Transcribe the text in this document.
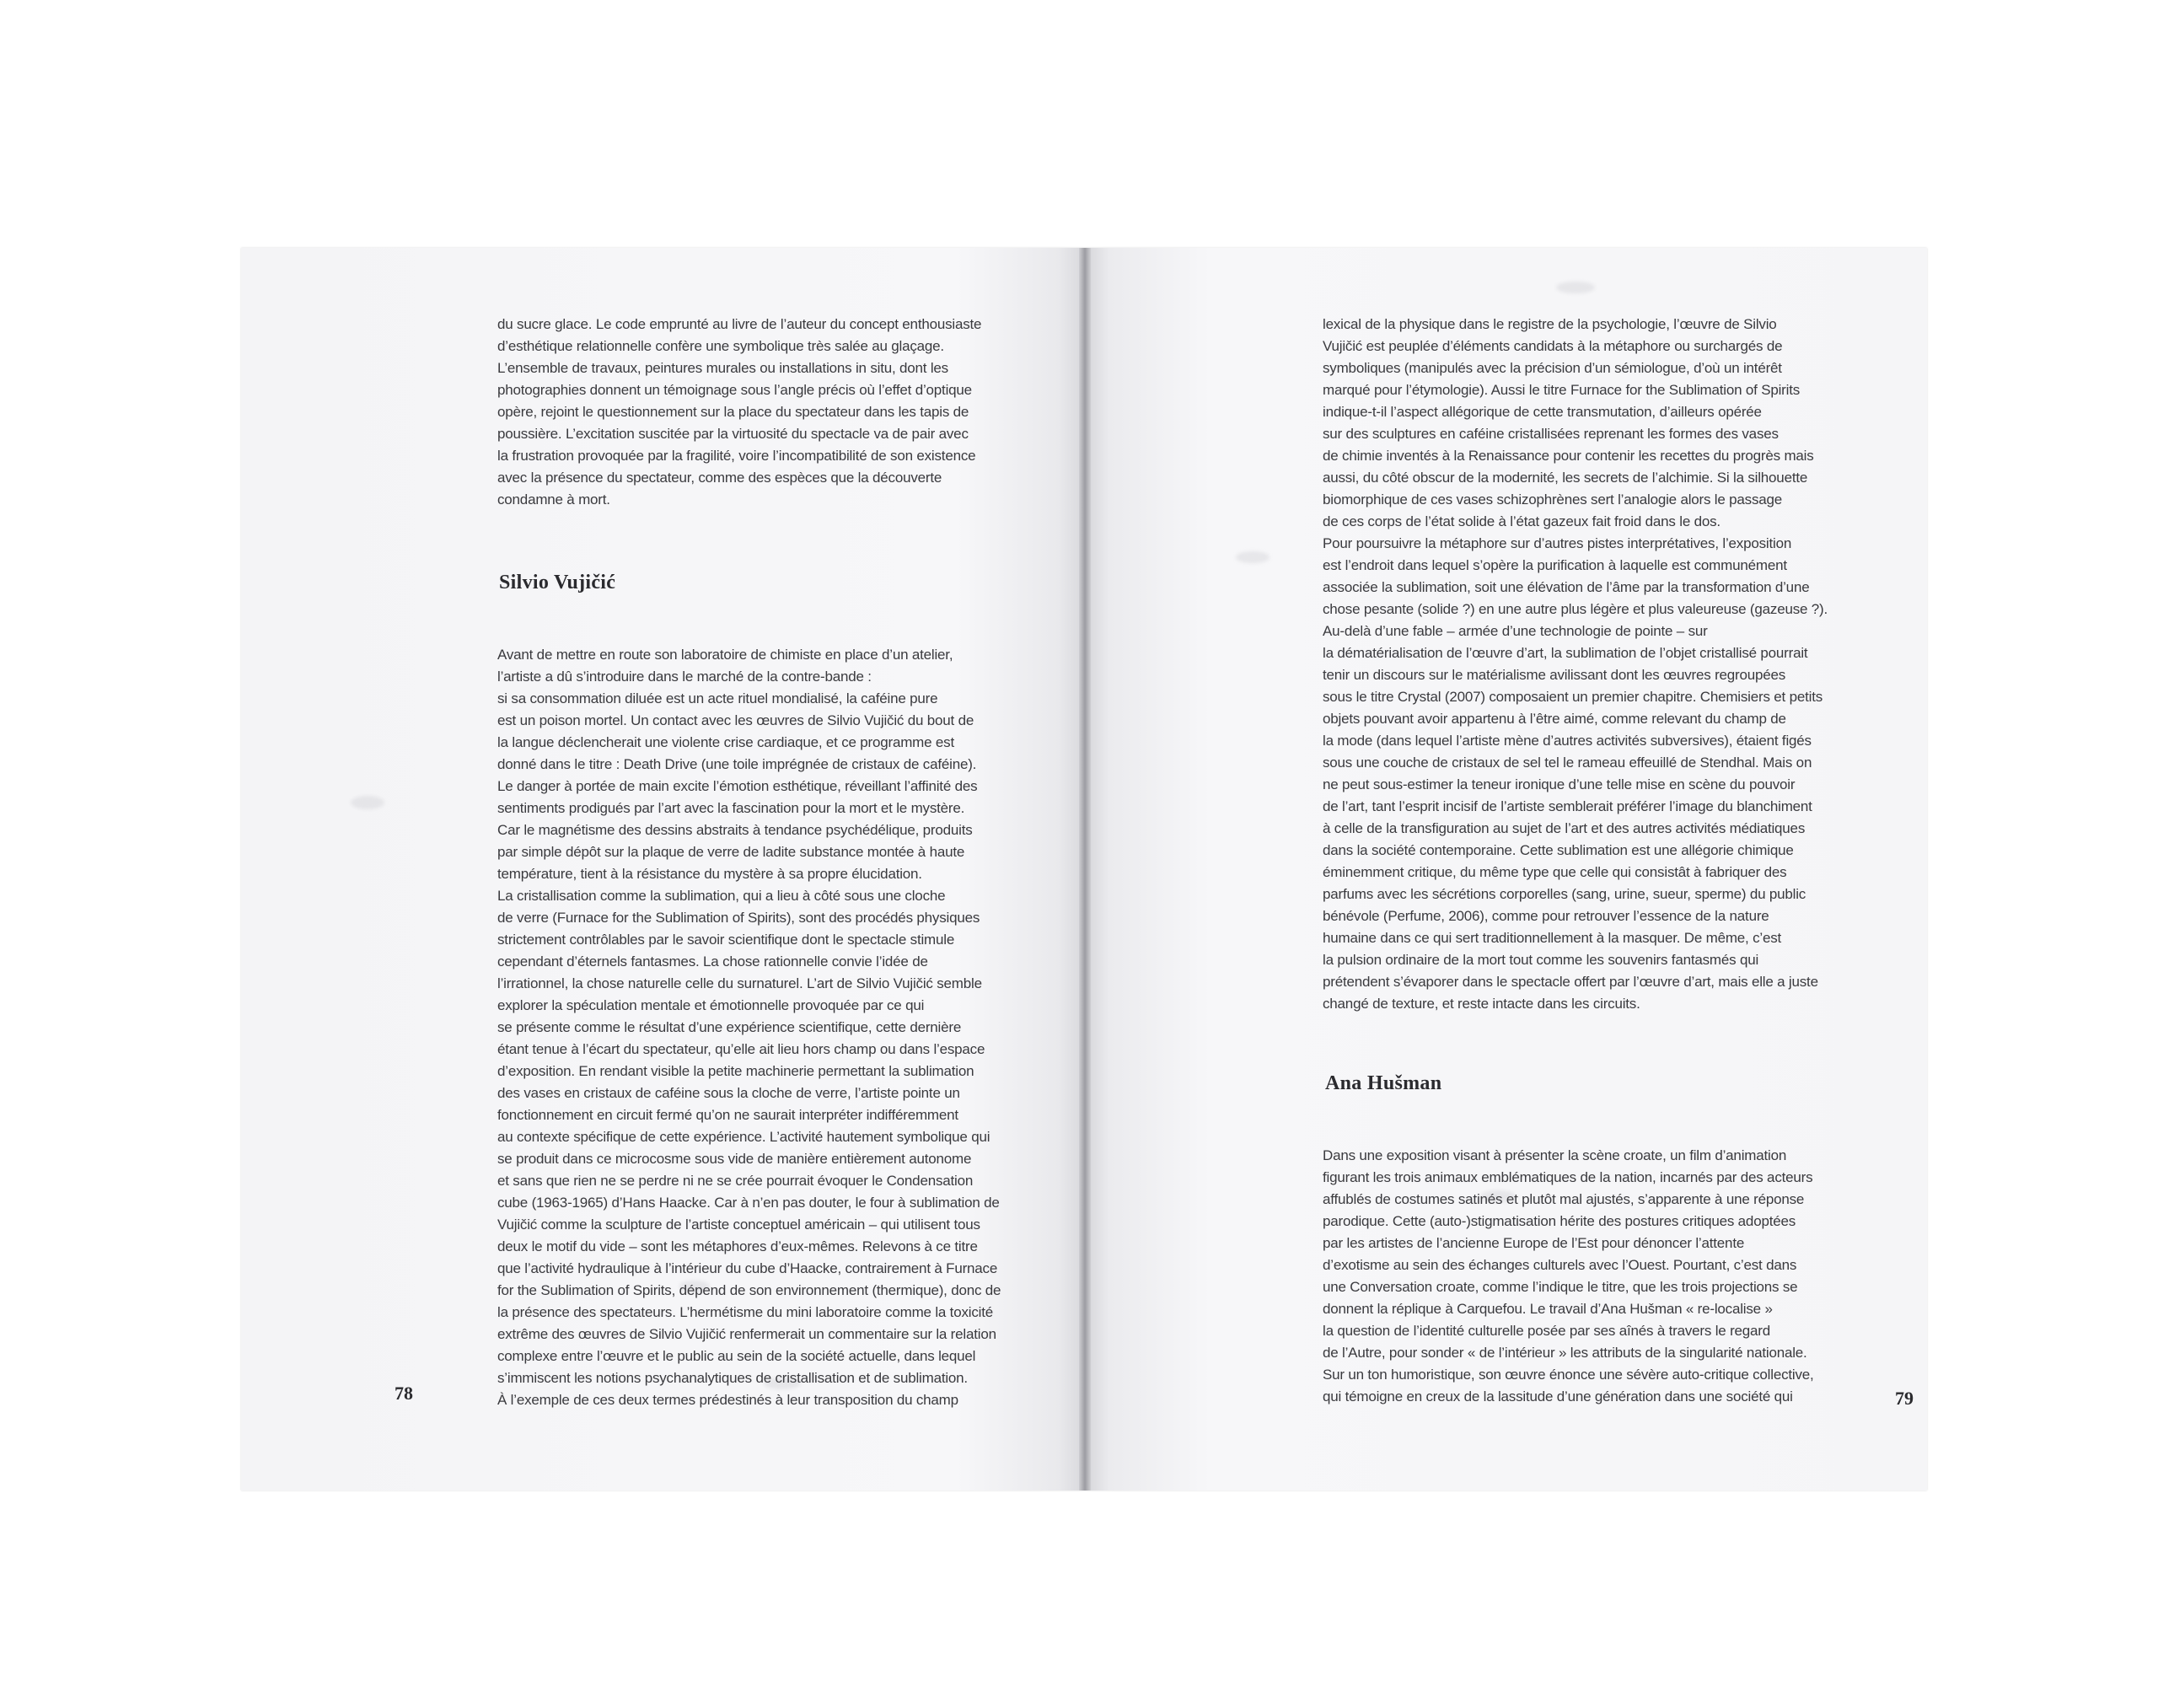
du sucre glace. Le code emprunté au livre de l’auteur du concept enthousiaste

d’esthétique relationnelle confère une symbolique très salée au glaçage.

L’ensemble de travaux, peintures murales ou installations in situ, dont les

photographies donnent un témoignage sous l’angle précis où l’effet d’optique

opère, rejoint le questionnement sur la place du spectateur dans les tapis de

poussière. L’excitation suscitée par la virtuosité du spectacle va de pair avec

la frustration provoquée par la fragilité, voire l’incompatibilité de son existence

avec la présence du spectateur, comme des espèces que la découverte

condamne à mort.

Silvio Vujičić

Avant de mettre en route son laboratoire de chimiste en place d’un atelier,

l’artiste a dû s’introduire dans le marché de la contre-bande :

si sa consommation diluée est un acte rituel mondialisé, la caféine pure

est un poison mortel. Un contact avec les œuvres de Silvio Vujičić du bout de

la langue déclencherait une violente crise cardiaque, et ce programme est

donné dans le titre : Death Drive (une toile imprégnée de cristaux de caféine).

Le danger à portée de main excite l’émotion esthétique, réveillant l’affinité des

sentiments prodigués par l’art avec la fascination pour la mort et le mystère.

Car le magnétisme des dessins abstraits à tendance psychédélique, produits

par simple dépôt sur la plaque de verre de ladite substance montée à haute

température, tient à la résistance du mystère à sa propre élucidation.

La cristallisation comme la sublimation, qui a lieu à côté sous une cloche

de verre (Furnace for the Sublimation of Spirits), sont des procédés physiques

strictement contrôlables par le savoir scientifique dont le spectacle stimule

cependant d’éternels fantasmes. La chose rationnelle convie l’idée de

l’irrationnel, la chose naturelle celle du surnaturel. L’art de Silvio Vujičić semble

explorer la spéculation mentale et émotionnelle provoquée par ce qui

se présente comme le résultat d’une expérience scientifique, cette dernière

étant tenue à l’écart du spectateur, qu’elle ait lieu hors champ ou dans l’espace

d’exposition. En rendant visible la petite machinerie permettant la sublimation

des vases en cristaux de caféine sous la cloche de verre, l’artiste pointe un

fonctionnement en circuit fermé qu’on ne saurait interpréter indifféremment

au contexte spécifique de cette expérience. L’activité hautement symbolique qui

se produit dans ce microcosme sous vide de manière entièrement autonome

et sans que rien ne se perdre ni ne se crée pourrait évoquer le Condensation

cube (1963-1965) d’Hans Haacke. Car à n’en pas douter, le four à sublimation de

Vujičić comme la sculpture de l’artiste conceptuel américain – qui utilisent tous

deux le motif du vide – sont les métaphores d’eux-mêmes. Relevons à ce titre

que l’activité hydraulique à l’intérieur du cube d’Haacke, contrairement à Furnace

for the Sublimation of Spirits, dépend de son environnement (thermique), donc de

la présence des spectateurs. L’hermétisme du mini laboratoire comme la toxicité

extrême des œuvres de Silvio Vujičić renfermerait un commentaire sur la relation

complexe entre l’œuvre et le public au sein de la société actuelle, dans lequel

s’immiscent les notions psychanalytiques de cristallisation et de sublimation.

À l’exemple de ces deux termes prédestinés à leur transposition du champ

78

lexical de la physique dans le registre de la psychologie, l’œuvre de Silvio

Vujičić est peuplée d’éléments candidats à la métaphore ou surchargés de

symboliques (manipulés avec la précision d’un sémiologue, d’où un intérêt

marqué pour l’étymologie). Aussi le titre Furnace for the Sublimation of Spirits

indique-t-il l’aspect allégorique de cette transmutation, d’ailleurs opérée

sur des sculptures en caféine cristallisées reprenant les formes des vases

de chimie inventés à la Renaissance pour contenir les recettes du progrès mais

aussi, du côté obscur de la modernité, les secrets de l’alchimie. Si la silhouette

biomorphique de ces vases schizophrènes sert l’analogie alors le passage

de ces corps de l’état solide à l’état gazeux fait froid dans le dos.

Pour poursuivre la métaphore sur d’autres pistes interprétatives, l’exposition

est l’endroit dans lequel s’opère la purification à laquelle est communément

associée la sublimation, soit une élévation de l’âme par la transformation d’une

chose pesante (solide ?) en une autre plus légère et plus valeureuse (gazeuse ?).

Au-delà d’une fable – armée d’une technologie de pointe – sur

la dématérialisation de l’œuvre d’art, la sublimation de l’objet cristallisé pourrait

tenir un discours sur le matérialisme avilissant dont les œuvres regroupées

sous le titre Crystal (2007) composaient un premier chapitre. Chemisiers et petits

objets pouvant avoir appartenu à l’être aimé, comme relevant du champ de

la mode (dans lequel l’artiste mène d’autres activités subversives), étaient figés

sous une couche de cristaux de sel tel le rameau effeuillé de Stendhal. Mais on

ne peut sous-estimer la teneur ironique d’une telle mise en scène du pouvoir

de l’art, tant l’esprit incisif de l’artiste semblerait préférer l’image du blanchiment

à celle de la transfiguration au sujet de l’art et des autres activités médiatiques

dans la société contemporaine. Cette sublimation est une allégorie chimique

éminemment critique, du même type que celle qui consistât à fabriquer des

parfums avec les sécrétions corporelles (sang, urine, sueur, sperme) du public

bénévole (Perfume, 2006), comme pour retrouver l’essence de la nature

humaine dans ce qui sert traditionnellement à la masquer. De même, c’est

la pulsion ordinaire de la mort tout comme les souvenirs fantasmés qui

prétendent s’évaporer dans le spectacle offert par l’œuvre d’art, mais elle a juste

changé de texture, et reste intacte dans les circuits.

Ana Hušman

Dans une exposition visant à présenter la scène croate, un film d’animation

figurant les trois animaux emblématiques de la nation, incarnés par des acteurs

affublés de costumes satinés et plutôt mal ajustés, s’apparente à une réponse

parodique. Cette (auto-)stigmatisation hérite des postures critiques adoptées

par les artistes de l’ancienne Europe de l’Est pour dénoncer l’attente

d’exotisme au sein des échanges culturels avec l’Ouest. Pourtant, c’est dans

une Conversation croate, comme l’indique le titre, que les trois projections se

donnent la réplique à Carquefou. Le travail d’Ana Hušman « re-localise »

la question de l’identité culturelle posée par ses aînés à travers le regard

de l’Autre, pour sonder « de l’intérieur » les attributs de la singularité nationale.

Sur un ton humoristique, son œuvre énonce une sévère auto-critique collective,

qui témoigne en creux de la lassitude d’une génération dans une société qui	79
